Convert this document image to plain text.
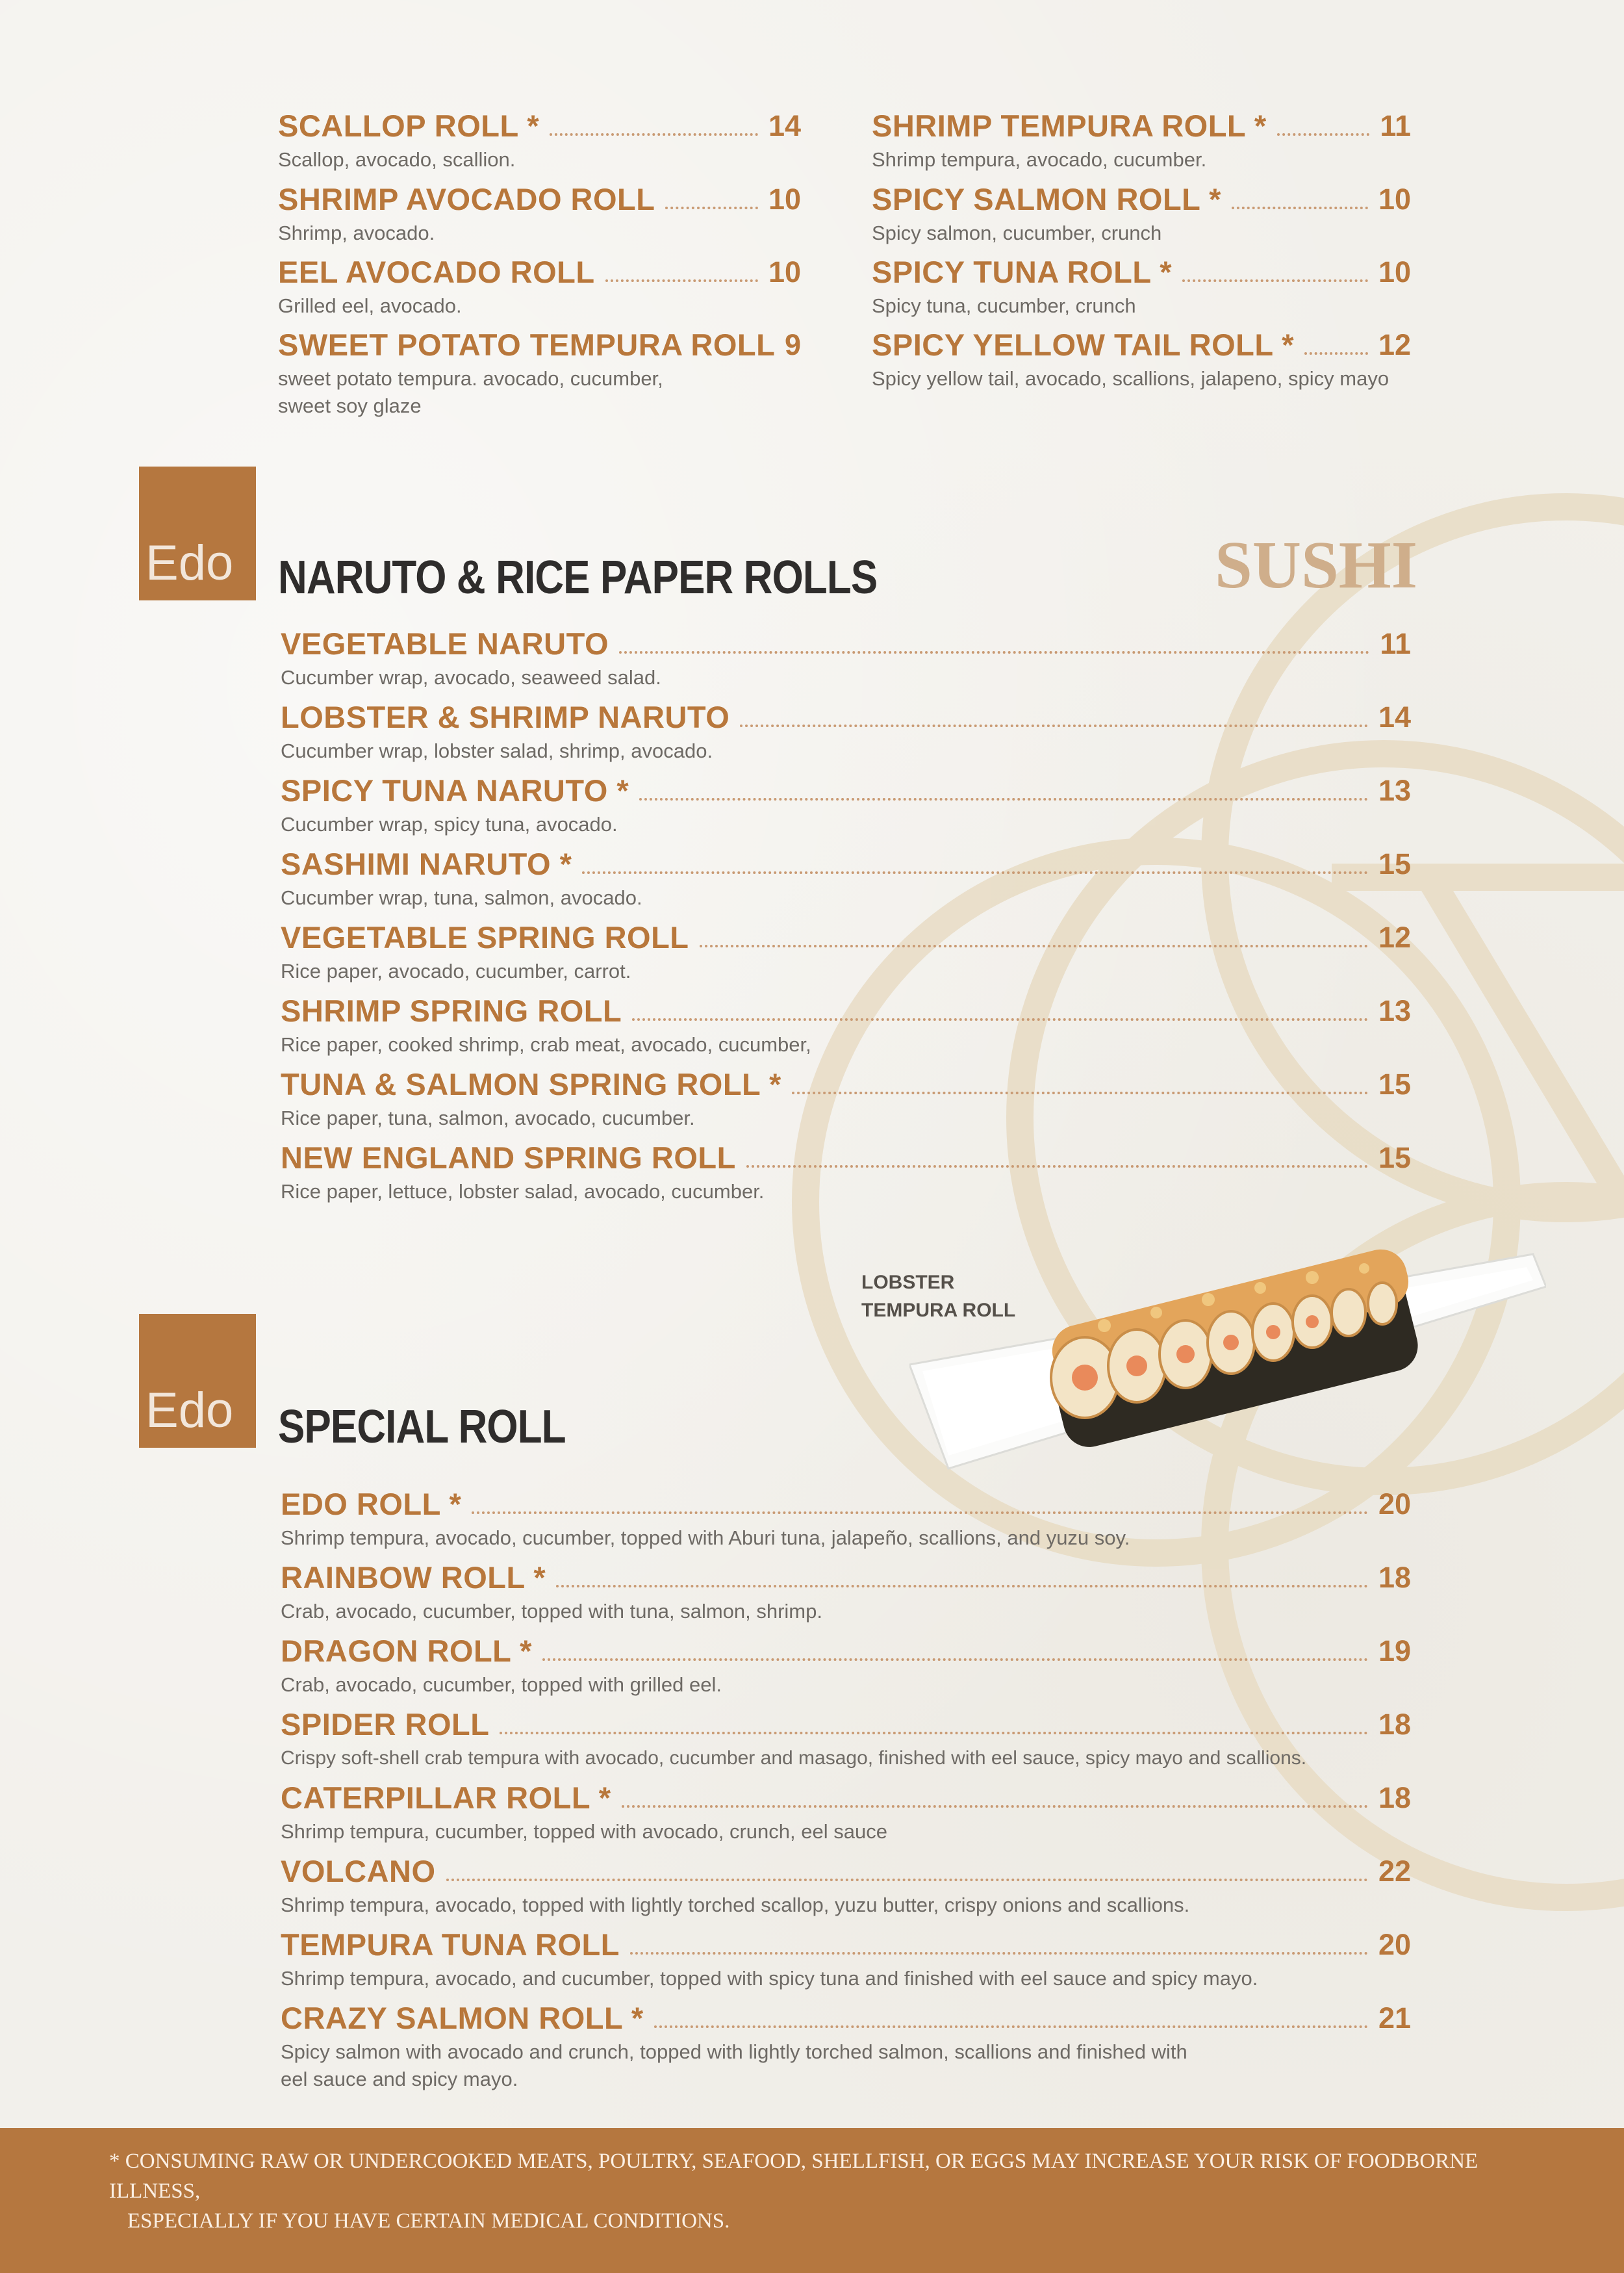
SCALLOP ROLL *	14
Scallop, avocado, scallion.
SHRIMP AVOCADO ROLL	10
Shrimp, avocado.
EEL AVOCADO ROLL	10
Grilled eel, avocado.
SWEET POTATO TEMPURA ROLL 9
sweet potato tempura. avocado, cucumber,
sweet soy glaze
SHRIMP TEMPURA ROLL *	11
Shrimp tempura, avocado, cucumber.
SPICY SALMON ROLL *	10
Spicy salmon, cucumber, crunch
SPICY TUNA ROLL *	10
Spicy tuna, cucumber, crunch
SPICY YELLOW TAIL ROLL *	12
Spicy yellow tail, avocado, scallions, jalapeno, spicy mayo
Edo NARUTO & RICE PAPER ROLLS	SUSHI
VEGETABLE NARUTO	11
Cucumber wrap, avocado, seaweed salad.
LOBSTER & SHRIMP NARUTO	14
Cucumber wrap, lobster salad, shrimp, avocado.
SPICY TUNA NARUTO *	13
Cucumber wrap, spicy tuna, avocado.
SASHIMI NARUTO *	15
Cucumber wrap, tuna, salmon, avocado.
VEGETABLE SPRING ROLL	12
Rice paper, avocado, cucumber, carrot.
SHRIMP SPRING ROLL	13
Rice paper, cooked shrimp, crab meat, avocado, cucumber,
TUNA & SALMON SPRING ROLL *	15
Rice paper, tuna, salmon, avocado, cucumber.
NEW ENGLAND SPRING ROLL	15
Rice paper, lettuce, lobster salad, avocado, cucumber.
LOBSTER
TEMPURA ROLL
Edo SPECIAL ROLL
EDO ROLL *	20
Shrimp tempura, avocado, cucumber, topped with Aburi tuna, jalapeño, scallions, and yuzu soy.
RAINBOW ROLL *	18
Crab, avocado, cucumber, topped with tuna, salmon, shrimp.
DRAGON ROLL *	19
Crab, avocado, cucumber, topped with grilled eel.
SPIDER ROLL	18
Crispy soft-shell crab tempura with avocado, cucumber and masago, finished with eel sauce, spicy mayo and scallions.
CATERPILLAR ROLL *	18
Shrimp tempura, cucumber, topped with avocado, crunch, eel sauce
VOLCANO	22
Shrimp tempura, avocado, topped with lightly torched scallop, yuzu butter, crispy onions and scallions.
TEMPURA TUNA ROLL	20
Shrimp tempura, avocado, and cucumber, topped with spicy tuna and finished with eel sauce and spicy mayo.
CRAZY SALMON ROLL *	21
Spicy salmon with avocado and crunch, topped with lightly torched salmon, scallions and finished with
eel sauce and spicy mayo.
* CONSUMING RAW OR UNDERCOOKED MEATS, POULTRY, SEAFOOD, SHELLFISH, OR EGGS MAY INCREASE YOUR RISK OF FOODBORNE ILLNESS,
ESPECIALLY IF YOU HAVE CERTAIN MEDICAL CONDITIONS.
